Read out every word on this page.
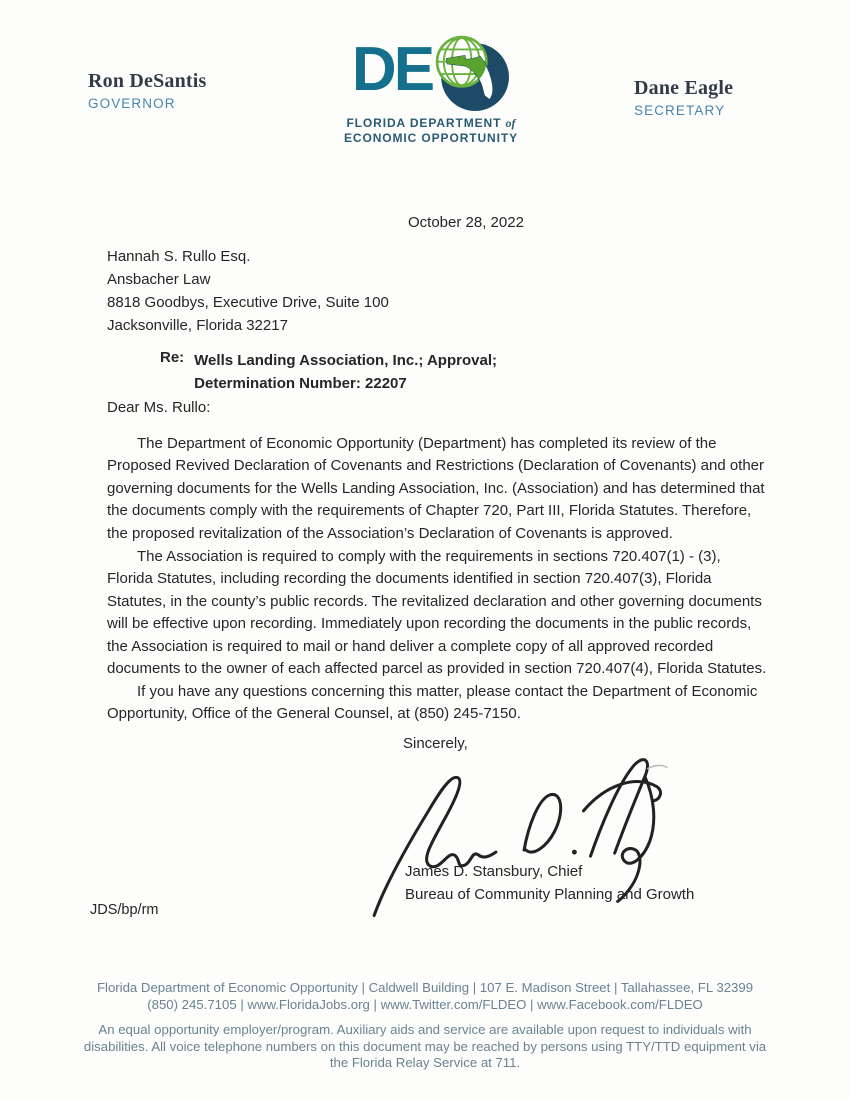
Ron DeSantis
GOVERNOR	DE
FLORIDA DEPARTMENT of
ECONOMIC OPPORTUNITY
Dane Eagle
SECRETARY
October 28, 2022
Hannah S. Rullo Esq.
Ansbacher Law
8818 Goodbys, Executive Drive, Suite 100
Jacksonville, Florida 32217
Re: Wells Landing Association, Inc.; Approval;
Determination Number: 22207
Dear Ms. Rullo:
The Department of Economic Opportunity (Department) has completed its review of the Proposed Revived Declaration of Covenants and Restrictions (Declaration of Covenants) and other governing documents for the Wells Landing Association, Inc. (Association) and has determined that the documents comply with the requirements of Chapter 720, Part III, Florida Statutes. Therefore, the proposed revitalization of the Association’s Declaration of Covenants is approved.
The Association is required to comply with the requirements in sections 720.407(1) - (3), Florida Statutes, including recording the documents identified in section 720.407(3), Florida Statutes, in the county’s public records. The revitalized declaration and other governing documents will be effective upon recording. Immediately upon recording the documents in the public records, the Association is required to mail or hand deliver a complete copy of all approved recorded documents to the owner of each affected parcel as provided in section 720.407(4), Florida Statutes.
If you have any questions concerning this matter, please contact the Department of Economic Opportunity, Office of the General Counsel, at (850) 245-7150.
Sincerely,
James D. Stansbury, Chief
Bureau of Community Planning and Growth
JDS/bp/rm
Florida Department of Economic Opportunity | Caldwell Building | 107 E. Madison Street | Tallahassee, FL 32399
(850) 245.7105 | www.FloridaJobs.org | www.Twitter.com/FLDEO | www.Facebook.com/FLDEO
An equal opportunity employer/program. Auxiliary aids and service are available upon request to individuals with
disabilities. All voice telephone numbers on this document may be reached by persons using TTY/TTD equipment via
the Florida Relay Service at 711.
